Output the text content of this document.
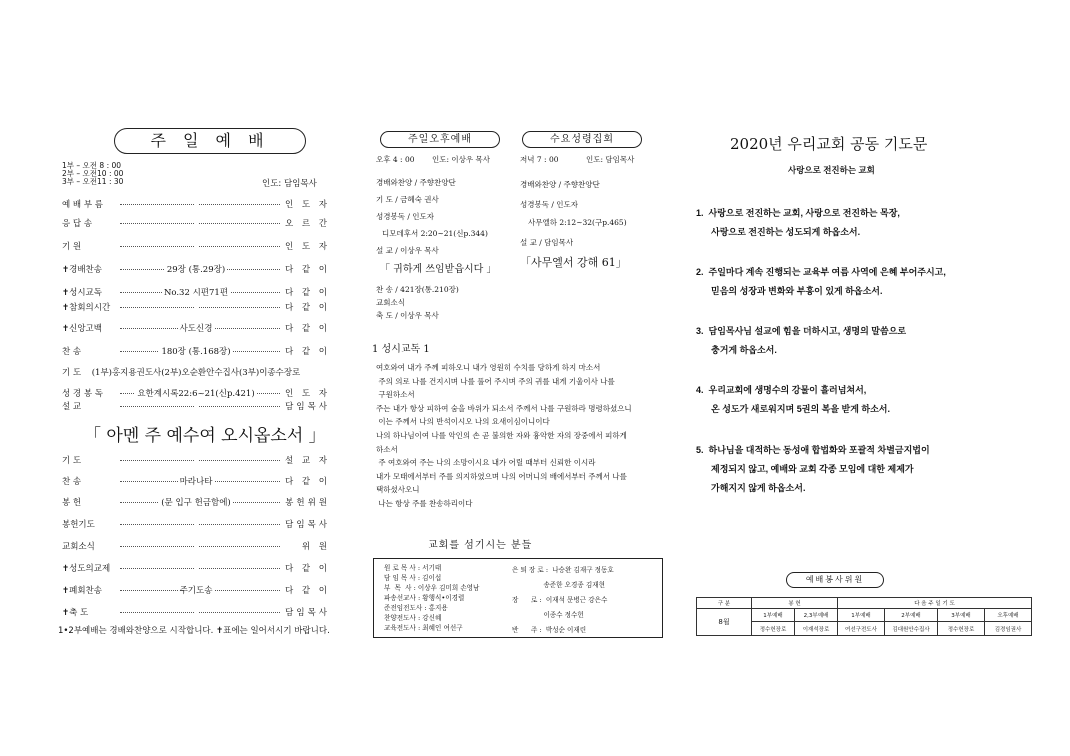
주 일 예 배
1부 – 오전 8 : 00
2부 – 오전10 : 00
3부 – 오전11 : 30	인도: 담임목사
예 배 부 름	인 도 자
응 답 송	오 르 간
기 원	인 도 자
✝경배찬송	29장 (통.29장)	다 같 이
✝성시교독	No.32 시편71편	다 같 이
✝참회의시간	다 같 이
✝신앙고백	사도신경	다 같 이
찬 송	180장 (통.168장)	다 같 이
기 도	(1부)홍지용권도사(2부)오순환안수집사(3부)이종수장로
성 경 봉 독	요한계시록22:6~21(신p.421)	인 도 자
설 교	담임목사
「 아멘 주 예수여 오시옵소서 」
기 도	설 교 자
찬 송	마라나타	다 같 이
봉 헌	(문 입구 헌금함에)	봉헌위원
봉헌기도	담임목사
교회소식	위 원
✝성도의교제	다 같 이
✝폐회찬송	주기도송	다 같 이
✝축 도	담임목사
1•2부예배는 경배와찬양으로 시작합니다. ✝표에는 일어서시기 바랍니다.
주일오후예배	수요성령집회
오후 4 : 00 인도: 이상우 목사
경배와찬양 / 주향찬양단
기 도 / 금혜숙 권사
성경봉독 / 인도자
디모데후서 2:20~21(신p.344)
설 교 / 이상우 목사
「 귀하게 쓰임받읍시다 」
찬 송 / 421장(통.210장)
교회소식
축 도 / 이상우 목사
저녁 7 : 00	인도: 담임목사
경배와찬양 / 주향찬양단
성경봉독 / 인도자
사무엘하 2:12~32(구p.465)
설 교 / 담임목사
「사무엘서 강해 61」
1 성시교독 1
여호와여 내가 주께 피하오니 내가 영원히 수치를 당하게 하지 마소서
주의 의로 나를 건지시며 나를 풀어 주시며 주의 귀를 내게 기울이사 나를
구원하소서
주는 내가 항상 피하여 숨을 바위가 되소서 주께서 나를 구원하라 명령하셨으니
이는 주께서 나의 반석이시오 나의 요새이심이니이다
나의 하나님이여 나를 악인의 손 곧 불의한 자와 흉악한 자의 장중에서 피하게
하소서
주 여호와여 주는 나의 소망이시요 내가 어릴 때부터 신뢰한 이시라
내가 모태에서부터 주를 의지하였으며 나의 어머니의 배에서부터 주께서 나를
택하셨사오니
나는 항상 주를 찬송하리이다
교회를 섬기시는 분들
원 로 목 사 : 서기태
담 임 목 사 : 김이섭
부  목  사 : 이상우 김미희 손영남
파송선교사 : 황행식•이경렬
준전임전도사 : 홍지용
찬양전도사 : 강신혜
교육전도사 : 최혜인 여선구
은 퇴 장 로 :  나승완 김재구 정동호
송준한 오경종 김재현
장      로 :  이재석 문병근 강은수
이종수 정수헌
반      주 :  박성순 이재린
2020년 우리교회 공동 기도문
사랑으로 전진하는 교회
1.  사랑으로 전진하는 교회, 사랑으로 전진하는 목장,
사랑으로 전진하는 성도되게 하옵소서.
2.  주일마다 계속 진행되는 교육부 여름 사역에 은혜 부어주시고,
믿음의 성장과 변화와 부흥이 있게 하옵소서.
3.  담임목사님 설교에 힘을 더하시고, 생명의 말씀으로
충거게 하옵소서.
4.  우리교회에 생명수의 강물이 흘러넘쳐서,
온 성도가 새로워지며 5권의 복을 받게 하소서.
5.  하나님을 대적하는 동성애 합법화와 포괄적 차별금지법이
제정되지 않고, 예배와 교회 각종 모임에 대한 제제가
가해지지 않게 하옵소서.
예배봉사위원
구 분	봉 헌		다 음 주 일 기 도			
8월	1부예배	2,3부예배	1부예배	2부예배	3부예배	오후예배
	정수헌장로	이재석장로	여선구전도사	김대원안수집사	정수헌장로	김경임권사
